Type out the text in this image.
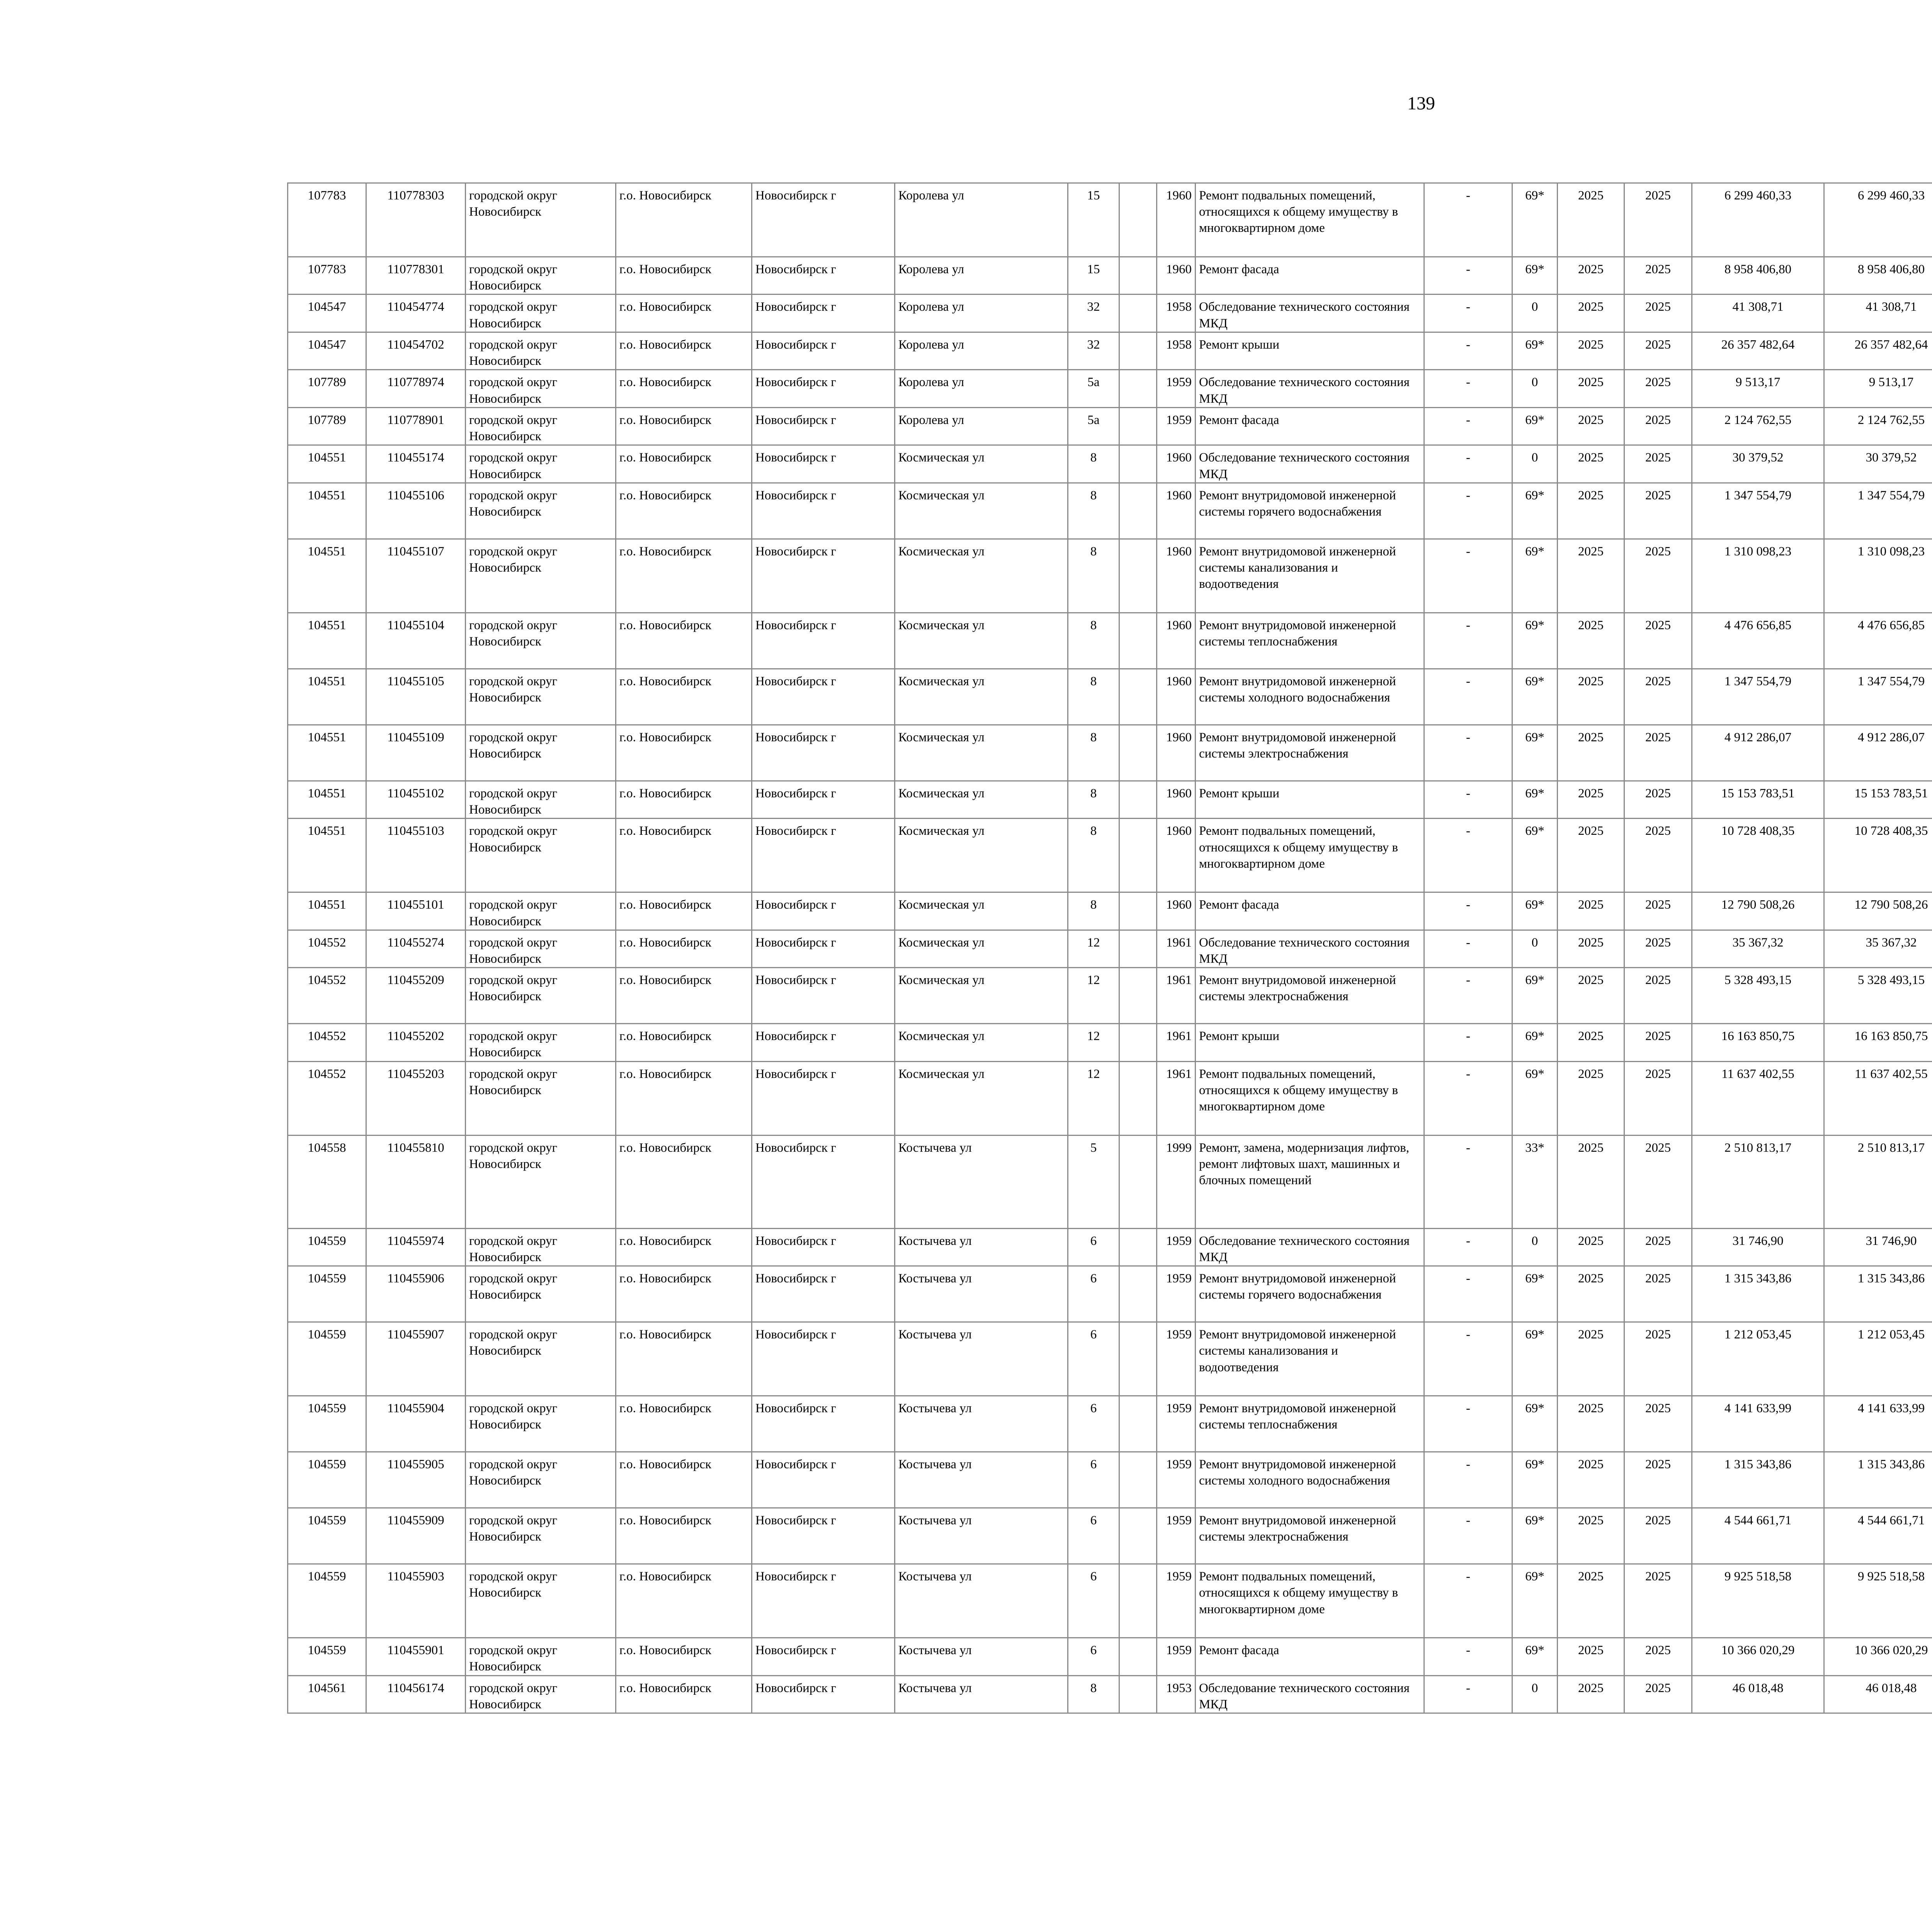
139
107783	110778303	городской округ Новосибирск	г.о. Новосибирск	Новосибирск г	Королева ул	15		1960	Ремонт подвальных помещений, относящихся к общему имуществу в многоквартирном доме	-	69*	2025	2025	6 299 460,33	6 299 460,33						
107783	110778301	городской округ Новосибирск	г.о. Новосибирск	Новосибирск г	Королева ул	15		1960	Ремонт фасада	-	69*	2025	2025	8 958 406,80	8 958 406,80						
104547	110454774	городской округ Новосибирск	г.о. Новосибирск	Новосибирск г	Королева ул	32		1958	Обследование технического состояния МКД	-	0	2025	2025	41 308,71	41 308,71						
104547	110454702	городской округ Новосибирск	г.о. Новосибирск	Новосибирск г	Королева ул	32		1958	Ремонт крыши	-	69*	2025	2025	26 357 482,64	26 357 482,64						
107789	110778974	городской округ Новосибирск	г.о. Новосибирск	Новосибирск г	Королева ул	5а		1959	Обследование технического состояния МКД	-	0	2025	2025	9 513,17	9 513,17						
107789	110778901	городской округ Новосибирск	г.о. Новосибирск	Новосибирск г	Королева ул	5а		1959	Ремонт фасада	-	69*	2025	2025	2 124 762,55	2 124 762,55						
104551	110455174	городской округ Новосибирск	г.о. Новосибирск	Новосибирск г	Космическая ул	8		1960	Обследование технического состояния МКД	-	0	2025	2025	30 379,52	30 379,52						
104551	110455106	городской округ Новосибирск	г.о. Новосибирск	Новосибирск г	Космическая ул	8		1960	Ремонт внутридомовой инженерной системы горячего водоснабжения	-	69*	2025	2025	1 347 554,79	1 347 554,79						
104551	110455107	городской округ Новосибирск	г.о. Новосибирск	Новосибирск г	Космическая ул	8		1960	Ремонт внутридомовой инженерной системы канализования и водоотведения	-	69*	2025	2025	1 310 098,23	1 310 098,23						
104551	110455104	городской округ Новосибирск	г.о. Новосибирск	Новосибирск г	Космическая ул	8		1960	Ремонт внутридомовой инженерной системы теплоснабжения	-	69*	2025	2025	4 476 656,85	4 476 656,85						
104551	110455105	городской округ Новосибирск	г.о. Новосибирск	Новосибирск г	Космическая ул	8		1960	Ремонт внутридомовой инженерной системы холодного водоснабжения	-	69*	2025	2025	1 347 554,79	1 347 554,79						
104551	110455109	городской округ Новосибирск	г.о. Новосибирск	Новосибирск г	Космическая ул	8		1960	Ремонт внутридомовой инженерной системы электроснабжения	-	69*	2025	2025	4 912 286,07	4 912 286,07						
104551	110455102	городской округ Новосибирск	г.о. Новосибирск	Новосибирск г	Космическая ул	8		1960	Ремонт крыши	-	69*	2025	2025	15 153 783,51	15 153 783,51						
104551	110455103	городской округ Новосибирск	г.о. Новосибирск	Новосибирск г	Космическая ул	8		1960	Ремонт подвальных помещений, относящихся к общему имуществу в многоквартирном доме	-	69*	2025	2025	10 728 408,35	10 728 408,35						
104551	110455101	городской округ Новосибирск	г.о. Новосибирск	Новосибирск г	Космическая ул	8		1960	Ремонт фасада	-	69*	2025	2025	12 790 508,26	12 790 508,26						
104552	110455274	городской округ Новосибирск	г.о. Новосибирск	Новосибирск г	Космическая ул	12		1961	Обследование технического состояния МКД	-	0	2025	2025	35 367,32	35 367,32						
104552	110455209	городской округ Новосибирск	г.о. Новосибирск	Новосибирск г	Космическая ул	12		1961	Ремонт внутридомовой инженерной системы электроснабжения	-	69*	2025	2025	5 328 493,15	5 328 493,15						
104552	110455202	городской округ Новосибирск	г.о. Новосибирск	Новосибирск г	Космическая ул	12		1961	Ремонт крыши	-	69*	2025	2025	16 163 850,75	16 163 850,75						
104552	110455203	городской округ Новосибирск	г.о. Новосибирск	Новосибирск г	Космическая ул	12		1961	Ремонт подвальных помещений, относящихся к общему имуществу в многоквартирном доме	-	69*	2025	2025	11 637 402,55	11 637 402,55						
104558	110455810	городской округ Новосибирск	г.о. Новосибирск	Новосибирск г	Костычева ул	5		1999	Ремонт, замена, модернизация лифтов, ремонт лифтовых шахт, машинных и блочных помещений	-	33*	2025	2025	2 510 813,17	2 510 813,17						
104559	110455974	городской округ Новосибирск	г.о. Новосибирск	Новосибирск г	Костычева ул	6		1959	Обследование технического состояния МКД	-	0	2025	2025	31 746,90	31 746,90						
104559	110455906	городской округ Новосибирск	г.о. Новосибирск	Новосибирск г	Костычева ул	6		1959	Ремонт внутридомовой инженерной системы горячего водоснабжения	-	69*	2025	2025	1 315 343,86	1 315 343,86						
104559	110455907	городской округ Новосибирск	г.о. Новосибирск	Новосибирск г	Костычева ул	6		1959	Ремонт внутридомовой инженерной системы канализования и водоотведения	-	69*	2025	2025	1 212 053,45	1 212 053,45						
104559	110455904	городской округ Новосибирск	г.о. Новосибирск	Новосибирск г	Костычева ул	6		1959	Ремонт внутридомовой инженерной системы теплоснабжения	-	69*	2025	2025	4 141 633,99	4 141 633,99						
104559	110455905	городской округ Новосибирск	г.о. Новосибирск	Новосибирск г	Костычева ул	6		1959	Ремонт внутридомовой инженерной системы холодного водоснабжения	-	69*	2025	2025	1 315 343,86	1 315 343,86						
104559	110455909	городской округ Новосибирск	г.о. Новосибирск	Новосибирск г	Костычева ул	6		1959	Ремонт внутридомовой инженерной системы электроснабжения	-	69*	2025	2025	4 544 661,71	4 544 661,71						
104559	110455903	городской округ Новосибирск	г.о. Новосибирск	Новосибирск г	Костычева ул	6		1959	Ремонт подвальных помещений, относящихся к общему имуществу в многоквартирном доме	-	69*	2025	2025	9 925 518,58	9 925 518,58						
104559	110455901	городской округ Новосибирск	г.о. Новосибирск	Новосибирск г	Костычева ул	6		1959	Ремонт фасада	-	69*	2025	2025	10 366 020,29	10 366 020,29						
104561	110456174	городской округ Новосибирск	г.о. Новосибирск	Новосибирск г	Костычева ул	8		1953	Обследование технического состояния МКД	-	0	2025	2025	46 018,48	46 018,48						
